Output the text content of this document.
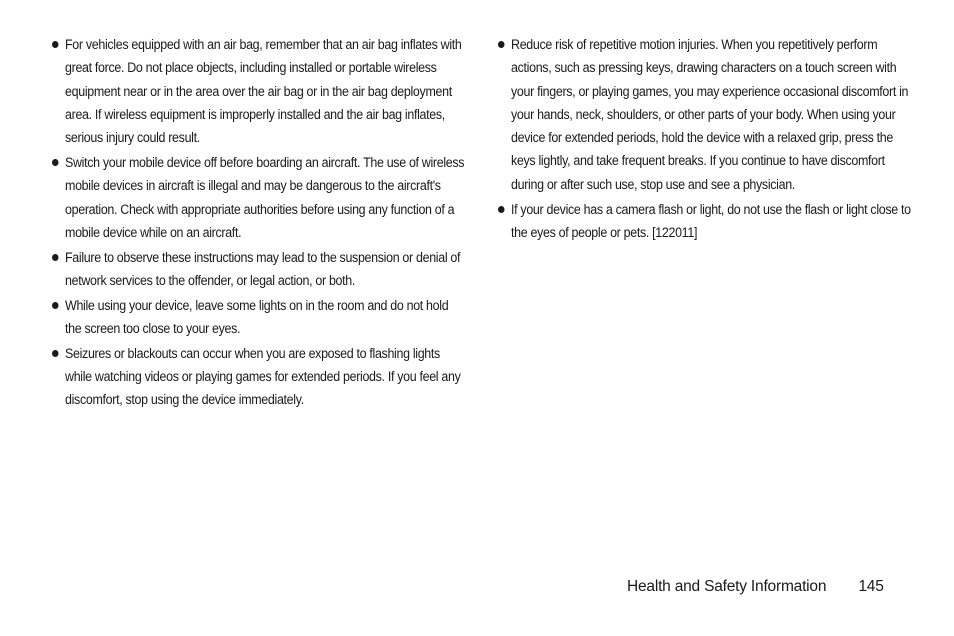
For vehicles equipped with an air bag, remember that an air bag inflates with great force. Do not place objects, including installed or portable wireless equipment near or in the area over the air bag or in the air bag deployment area. If wireless equipment is improperly installed and the air bag inflates, serious injury could result.
Switch your mobile device off before boarding an aircraft. The use of wireless mobile devices in aircraft is illegal and may be dangerous to the aircraft's operation. Check with appropriate authorities before using any function of a mobile device while on an aircraft.
Failure to observe these instructions may lead to the suspension or denial of network services to the offender, or legal action, or both.
While using your device, leave some lights on in the room and do not hold the screen too close to your eyes.
Seizures or blackouts can occur when you are exposed to flashing lights while watching videos or playing games for extended periods. If you feel any discomfort, stop using the device immediately.
Reduce risk of repetitive motion injuries. When you repetitively perform actions, such as pressing keys, drawing characters on a touch screen with your fingers, or playing games, you may experience occasional discomfort in your hands, neck, shoulders, or other parts of your body. When using your device for extended periods, hold the device with a relaxed grip, press the keys lightly, and take frequent breaks. If you continue to have discomfort during or after such use, stop use and see a physician.
If your device has a camera flash or light, do not use the flash or light close to the eyes of people or pets. [122011]
Health and Safety Information 145
